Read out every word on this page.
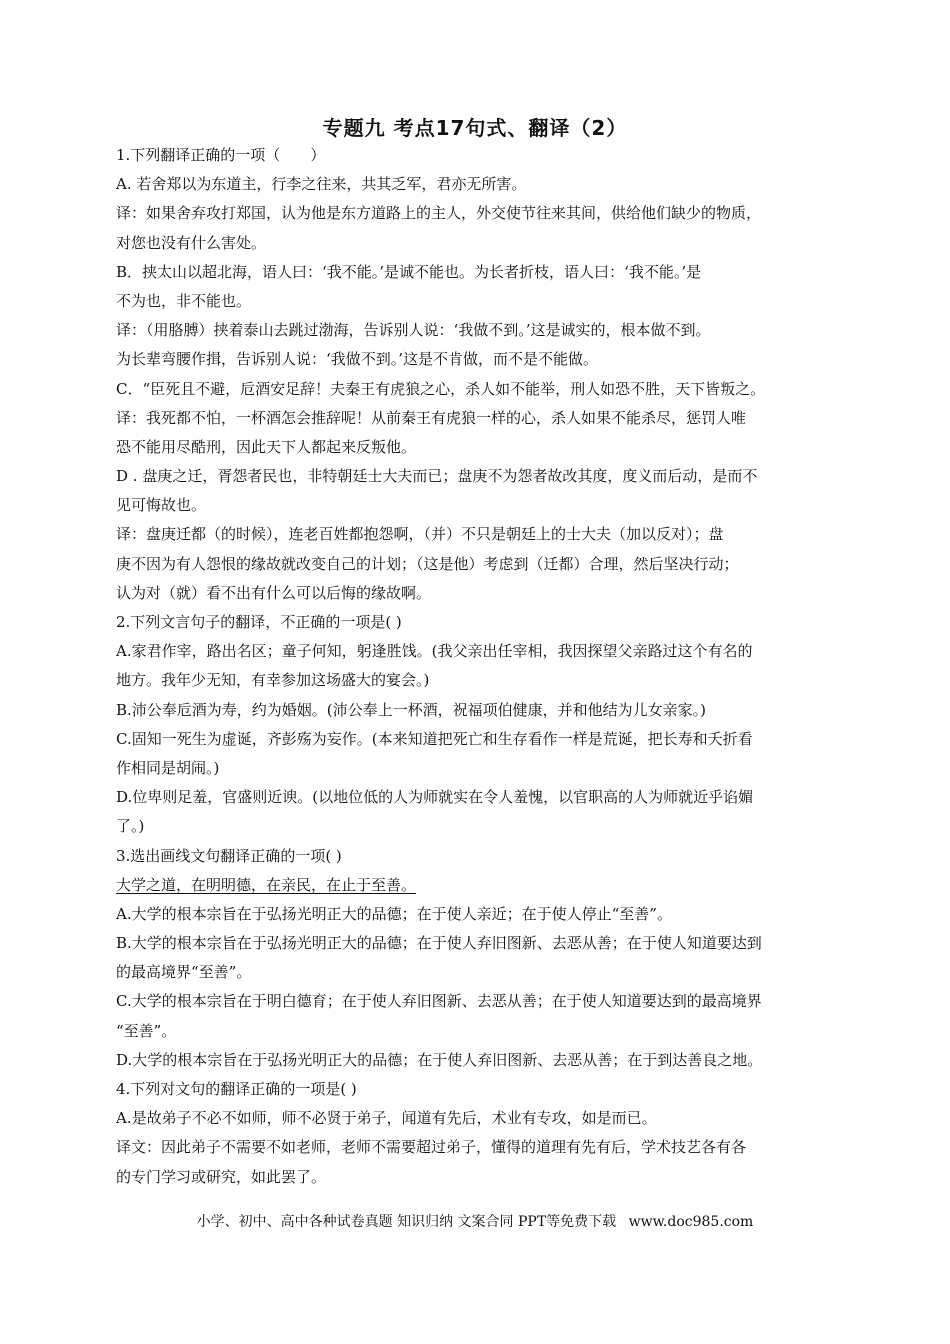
专题九 考点17句式、翻译（2）
1.下列翻译正确的一项（　　）
A. 若舍郑以为东道主，行李之往来，共其乏军，君亦无所害。
译：如果舍弃攻打郑国，认为他是东方道路上的主人，外交使节往来其间，供给他们缺少的物质，
对您也没有什么害处。
B．挟太山以超北海，语人曰：‘我不能。’是诚不能也。为长者折枝，语人曰：‘我不能。’是
不为也，非不能也。
译：（用胳膊）挟着泰山去跳过渤海，告诉别人说：‘我做不到。’这是诚实的，根本做不到。
为长辈弯腰作揖，告诉别人说：‘我做不到。’这是不肯做，而不是不能做。
C．“臣死且不避，卮酒安足辞！夫秦王有虎狼之心，杀人如不能举，刑人如恐不胜，天下皆叛之。
译：我死都不怕，一杯酒怎会推辞呢！从前秦王有虎狼一样的心，杀人如果不能杀尽，惩罚人唯
恐不能用尽酷刑，因此天下人都起来反叛他。
D . 盘庚之迁，胥怨者民也，非特朝廷士大夫而已；盘庚不为怨者故改其度，度义而后动，是而不
见可悔故也。
译：盘庚迁都（的时候），连老百姓都抱怨啊，（并）不只是朝廷上的士大夫（加以反对）；盘
庚不因为有人怨恨的缘故就改变自己的计划；（这是他）考虑到（迁都）合理，然后坚决行动；
认为对（就）看不出有什么可以后悔的缘故啊。
2.下列文言句子的翻译，不正确的一项是( )
A.家君作宰，路出名区；童子何知，躬逢胜饯。(我父亲出任宰相，我因探望父亲路过这个有名的
地方。我年少无知，有幸参加这场盛大的宴会。)
B.沛公奉卮酒为寿，约为婚姻。(沛公奉上一杯酒，祝福项伯健康，并和他结为儿女亲家。)
C.固知一死生为虚诞，齐彭殇为妄作。(本来知道把死亡和生存看作一样是荒诞，把长寿和夭折看
作相同是胡闹。)
D.位卑则足羞，官盛则近谀。(以地位低的人为师就实在令人羞愧，以官职高的人为师就近乎谄媚
了。)
3.选出画线文句翻译正确的一项( )
大学之道，在明明德，在亲民，在止于至善。
A.大学的根本宗旨在于弘扬光明正大的品德；在于使人亲近；在于使人停止“至善”。
B.大学的根本宗旨在于弘扬光明正大的品德；在于使人弃旧图新、去恶从善；在于使人知道要达到
的最高境界“至善”。
C.大学的根本宗旨在于明白德育；在于使人弃旧图新、去恶从善；在于使人知道要达到的最高境界
“至善”。
D.大学的根本宗旨在于弘扬光明正大的品德；在于使人弃旧图新、去恶从善；在于到达善良之地。
4.下列对文句的翻译正确的一项是( )
A.是故弟子不必不如师，师不必贤于弟子，闻道有先后，术业有专攻，如是而已。
译文：因此弟子不需要不如老师，老师不需要超过弟子，懂得的道理有先有后，学术技艺各有各
的专门学习或研究，如此罢了。
小学、初中、高中各种试卷真题 知识归纳 文案合同 PPT等免费下载 www.doc985.com
